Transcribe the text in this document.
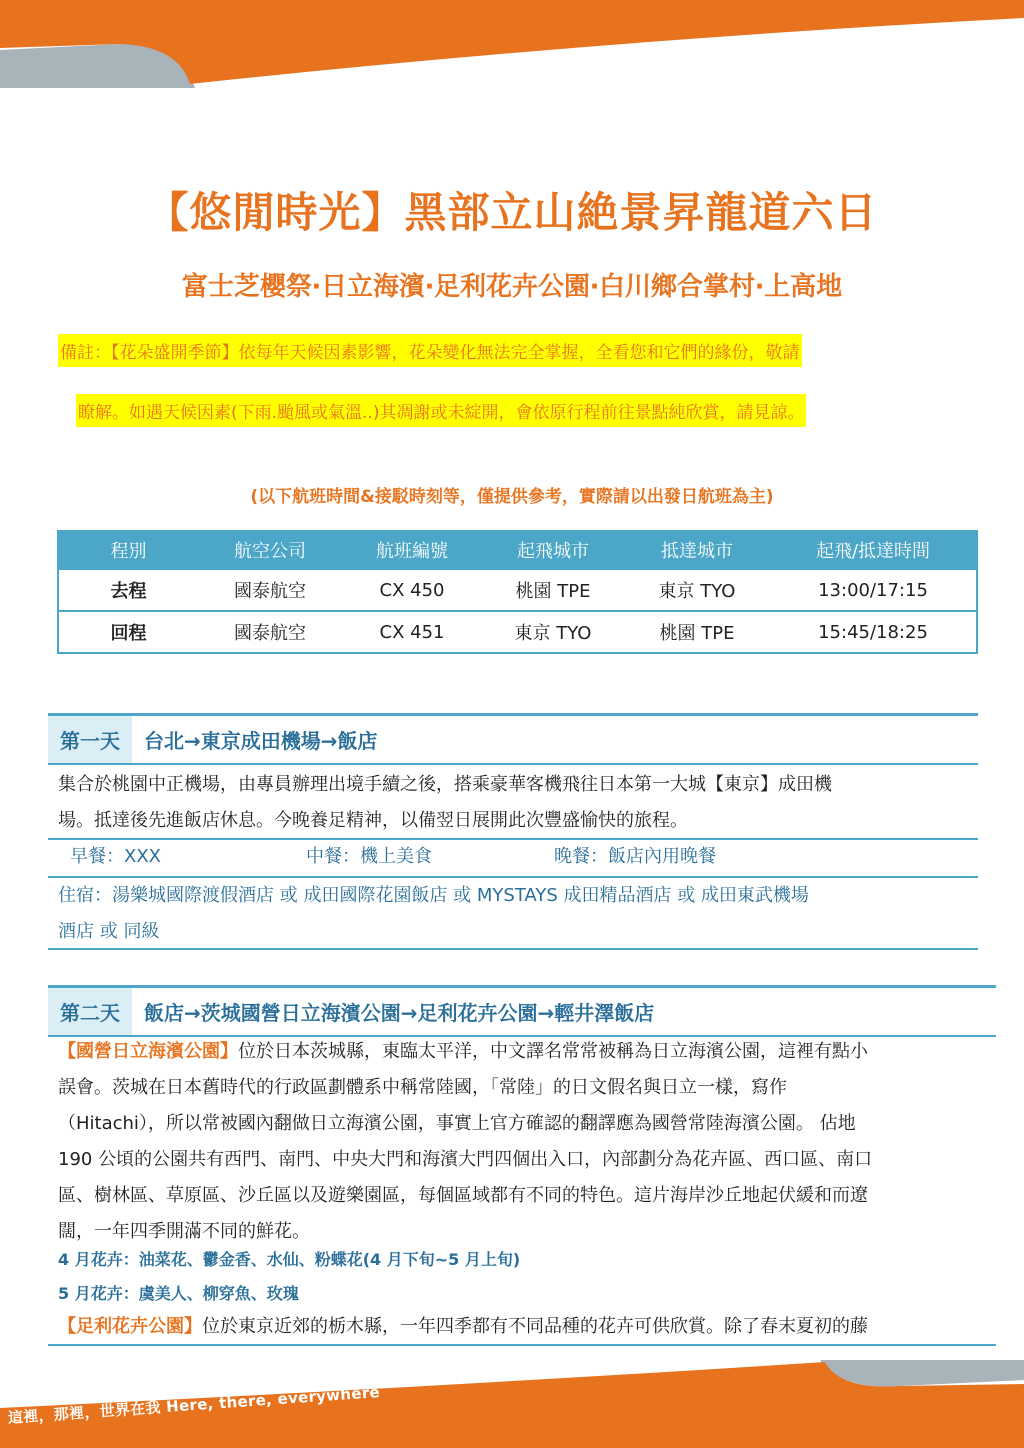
這裡，那裡，世界在我 Here, there, everywhere
這裡，那裡，世界在我 Here, there, everywhere
【悠閒時光】黑部立山絶景昇龍道六日
富士芝櫻祭‧日立海濱‧足利花卉公園‧白川鄉合掌村‧上高地
備註：【花朵盛開季節】依每年天候因素影響，花朵變化無法完全掌握，全看您和它們的緣份，敬請
瞭解。如遇天候因素(下雨.颱風或氣溫..)其凋謝或未綻開，會依原行程前往景點純欣賞，請見諒。
(以下航班時間&接駁時刻等，僅提供參考，實際請以出發日航班為主)
程別	航空公司	航班編號	起飛城市	抵達城市	起飛/抵達時間
去程	國泰航空	CX 450	桃園 TPE	東京 TYO	13:00/17:15
回程	國泰航空	CX 451	東京 TYO	桃園 TPE	15:45/18:25
第一天	台北→東京成田機場→飯店
集合於桃園中正機場，由專員辦理出境手續之後，搭乘豪華客機飛往日本第一大城【東京】成田機
場。抵達後先進飯店休息。今晚養足精神，以備翌日展開此次豐盛愉快的旅程。
早餐：XXX	中餐：機上美食	晚餐：飯店內用晚餐
住宿：湯樂城國際渡假酒店 或 成田國際花園飯店 或 MYSTAYS 成田精品酒店 或 成田東武機場
酒店 或 同級
第二天	飯店→茨城國營日立海濱公園→足利花卉公園→輕井澤飯店
【國營日立海濱公園】位於日本茨城縣，東臨太平洋，中文譯名常常被稱為日立海濱公園，這裡有點小
誤會。茨城在日本舊時代的行政區劃體系中稱常陸國，「常陸」的日文假名與日立一樣，寫作
（Hitachi），所以常被國內翻做日立海濱公園，事實上官方確認的翻譯應為國營常陸海濱公園。 佔地
190 公頃的公園共有西門、南門、中央大門和海濱大門四個出入口，內部劃分為花卉區、西口區、南口
區、樹林區、草原區、沙丘區以及遊樂園區，每個區域都有不同的特色。這片海岸沙丘地起伏緩和而遼
闊，一年四季開滿不同的鮮花。
4 月花卉：油菜花、鬱金香、水仙、粉蝶花(4 月下旬~5 月上旬)
5 月花卉：虞美人、柳穿魚、玫瑰
【足利花卉公園】位於東京近郊的栃木縣，一年四季都有不同品種的花卉可供欣賞。除了春末夏初的藤
